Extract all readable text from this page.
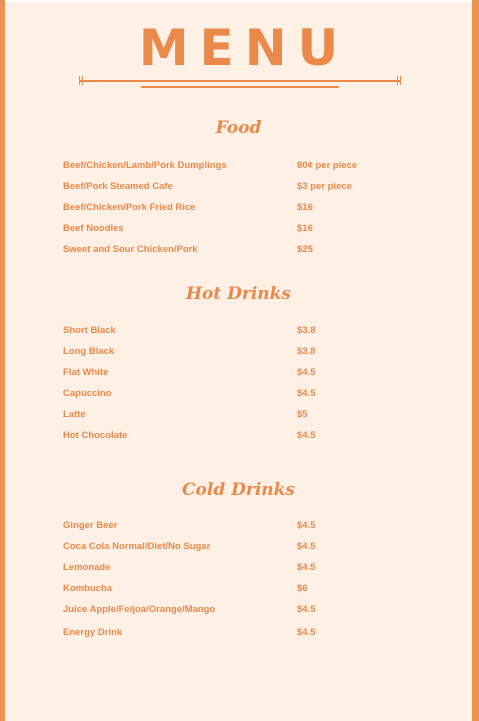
MENU
Food
Beef/Chicken/Lamb/Pork Dumplings	80¢ per piece
Beef/Pork Steamed Cafe	$3 per piece
Beef/Chicken/Pork Fried Rice	$16
Beef Noodles	$16
Sweet and Sour Chicken/Pork	$25
Hot Drinks
Short Black	$3.8
Long Black	$3.8
Flat White	$4.5
Capuccino	$4.5
Latte	$5
Hot Chocolate	$4.5
Cold Drinks
Ginger Beer	$4.5
Coca Cola Normal/Diet/No Sugar	$4.5
Lemonade	$4.5
Kombucha	$6
Juice Apple/Feijoa/Orange/Mango	$4.5
Energy Drink	$4.5
